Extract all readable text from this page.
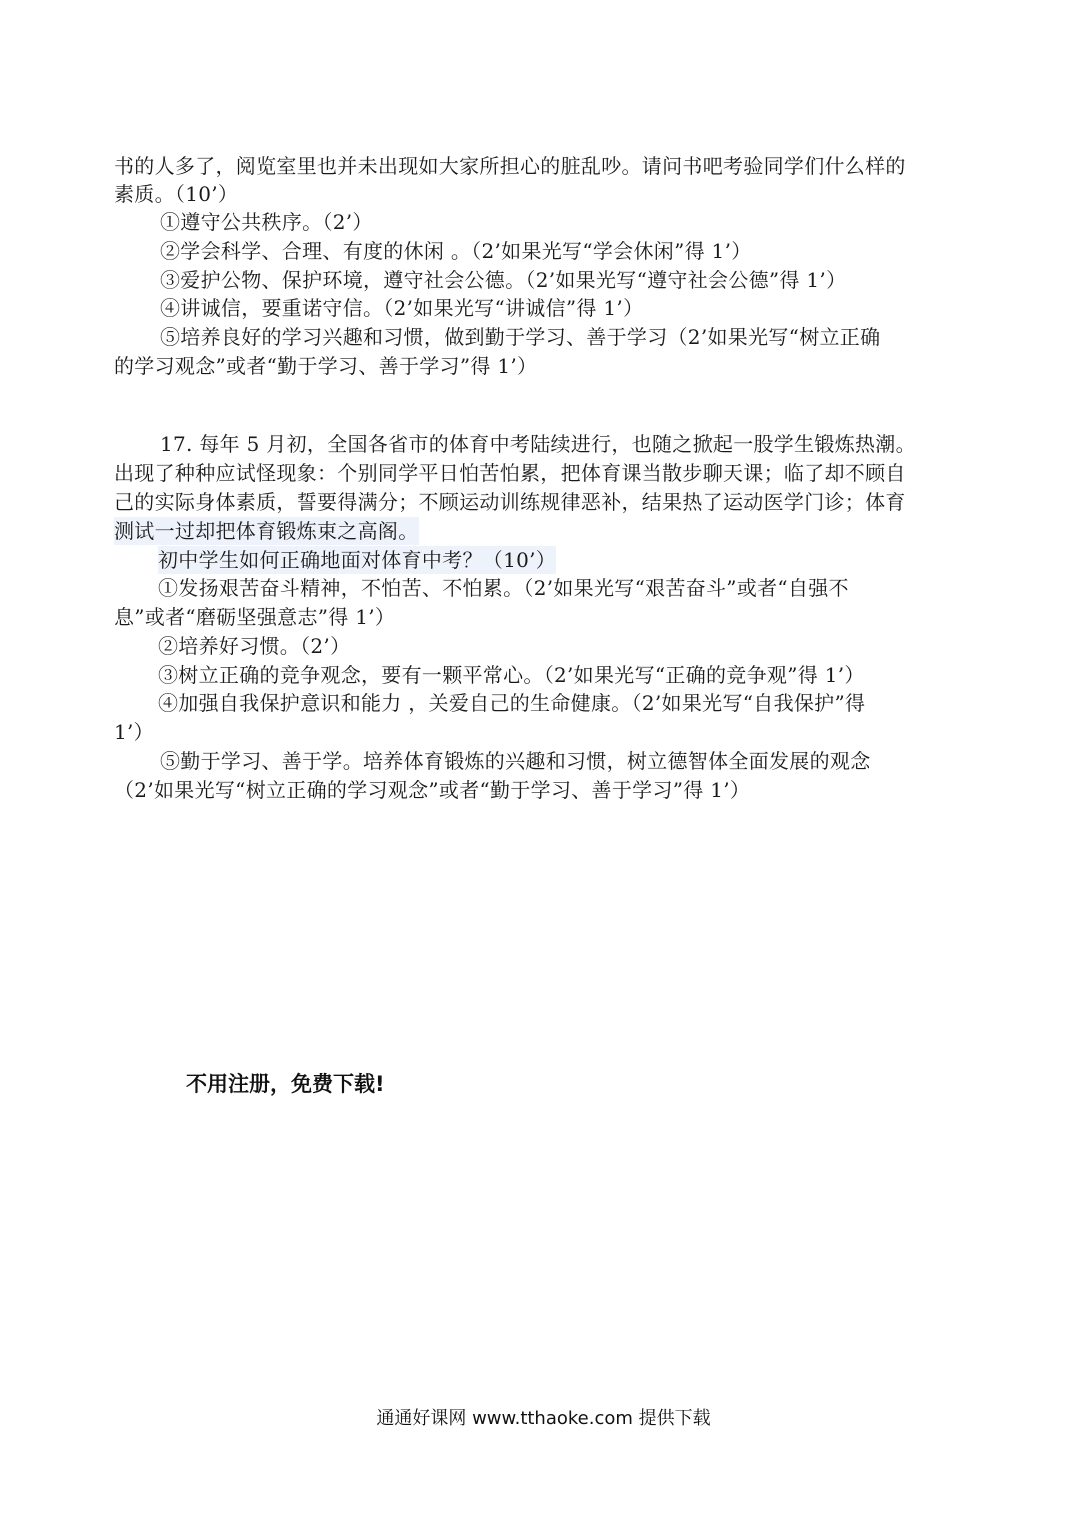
书的人多了，阅览室里也并未出现如大家所担心的脏乱吵。请问书吧考验同学们什么样的
素质。（10’）
①遵守公共秩序。（2’）
②学会科学、合理、有度的休闲 。（2’如果光写“学会休闲”得 1’）
③爱护公物、保护环境，遵守社会公德。（2’如果光写“遵守社会公德”得 1’）
④讲诚信，要重诺守信。（2’如果光写“讲诚信”得 1’）
⑤培养良好的学习兴趣和习惯，做到勤于学习、善于学习（2’如果光写“树立正确
的学习观念”或者“勤于学习、善于学习”得 1’）
17. 每年 5 月初，全国各省市的体育中考陆续进行，也随之掀起一股学生锻炼热潮。
出现了种种应试怪现象：个别同学平日怕苦怕累，把体育课当散步聊天课；临了却不顾自
己的实际身体素质，誓要得满分；不顾运动训练规律恶补，结果热了运动医学门诊；体育
测试一过却把体育锻炼束之高阁。
初中学生如何正确地面对体育中考？（10’）
①发扬艰苦奋斗精神，不怕苦、不怕累。（2’如果光写“艰苦奋斗”或者“自强不
息”或者“磨砺坚强意志”得 1’）
②培养好习惯。（2’）
③树立正确的竞争观念，要有一颗平常心。（2’如果光写“正确的竞争观”得 1’）
④加强自我保护意识和能力 ，关爱自己的生命健康。（2’如果光写“自我保护”得
1’）
⑤勤于学习、善于学。培养体育锻炼的兴趣和习惯，树立德智体全面发展的观念
（2’如果光写“树立正确的学习观念”或者“勤于学习、善于学习”得 1’）
不用注册，免费下载!
通通好课网 www.tthaoke.com 提供下载
